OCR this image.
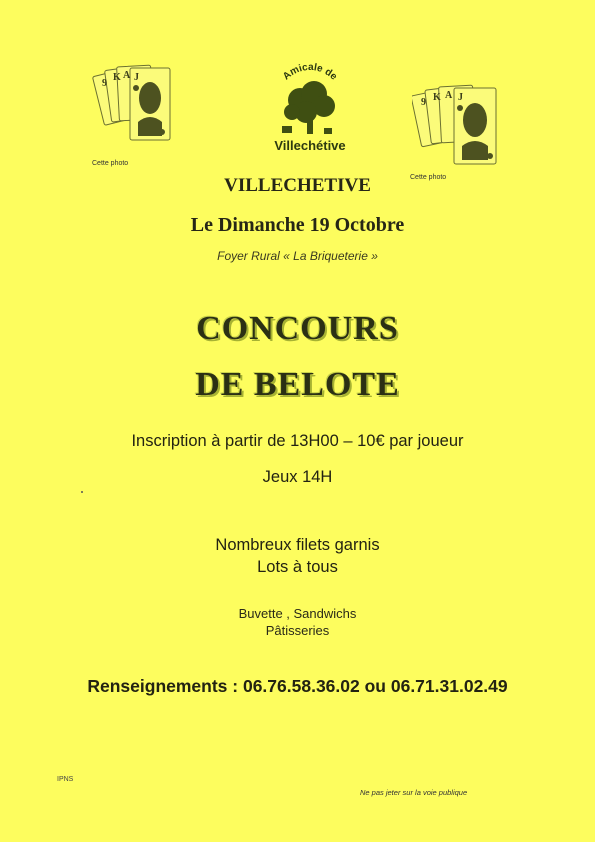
9
K A J
Cette photo
9 K A J
Cette photo
Amicale de
Villechétive
VILLECHETIVE
Le Dimanche 19 Octobre
Foyer Rural « La Briqueterie »
CONCOURS
DE BELOTE
Inscription à partir de 13H00 – 10€ par joueur
Jeux 14H
Nombreux filets garnis
Lots à tous
Buvette , Sandwichs
Pâtisseries
Renseignements : 06.76.58.36.02 ou 06.71.31.02.49
IPNS
Ne pas jeter sur la voie publique
